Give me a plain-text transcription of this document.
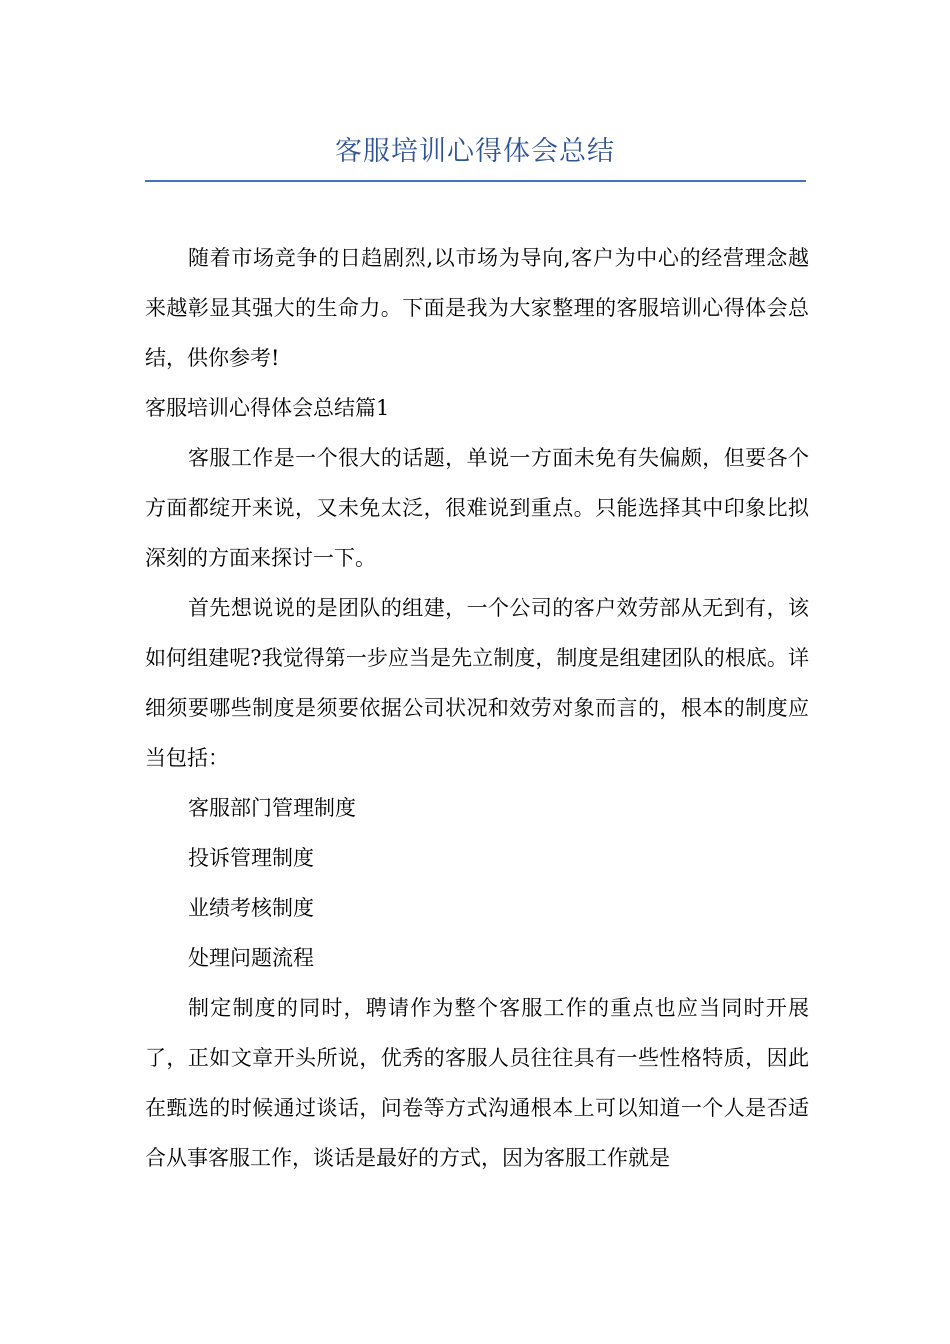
客服培训心得体会总结

随着市场竞争的日趋剧烈,以市场为导向,客户为中心的经营理念越来越彰显其强大的生命力。下面是我为大家整理的客服培训心得体会总结，供你参考!

客服培训心得体会总结篇1

客服工作是一个很大的话题，单说一方面未免有失偏颇，但要各个方面都绽开来说，又未免太泛，很难说到重点。只能选择其中印象比拟深刻的方面来探讨一下。

首先想说说的是团队的组建，一个公司的客户效劳部从无到有，该如何组建呢?我觉得第一步应当是先立制度，制度是组建团队的根底。详细须要哪些制度是须要依据公司状况和效劳对象而言的，根本的制度应当包括：

客服部门管理制度

投诉管理制度

业绩考核制度

处理问题流程

制定制度的同时，聘请作为整个客服工作的重点也应当同时开展了，正如文章开头所说，优秀的客服人员往往具有一些性格特质，因此在甄选的时候通过谈话，问卷等方式沟通根本上可以知道一个人是否适合从事客服工作，谈话是最好的方式，因为客服工作就是
